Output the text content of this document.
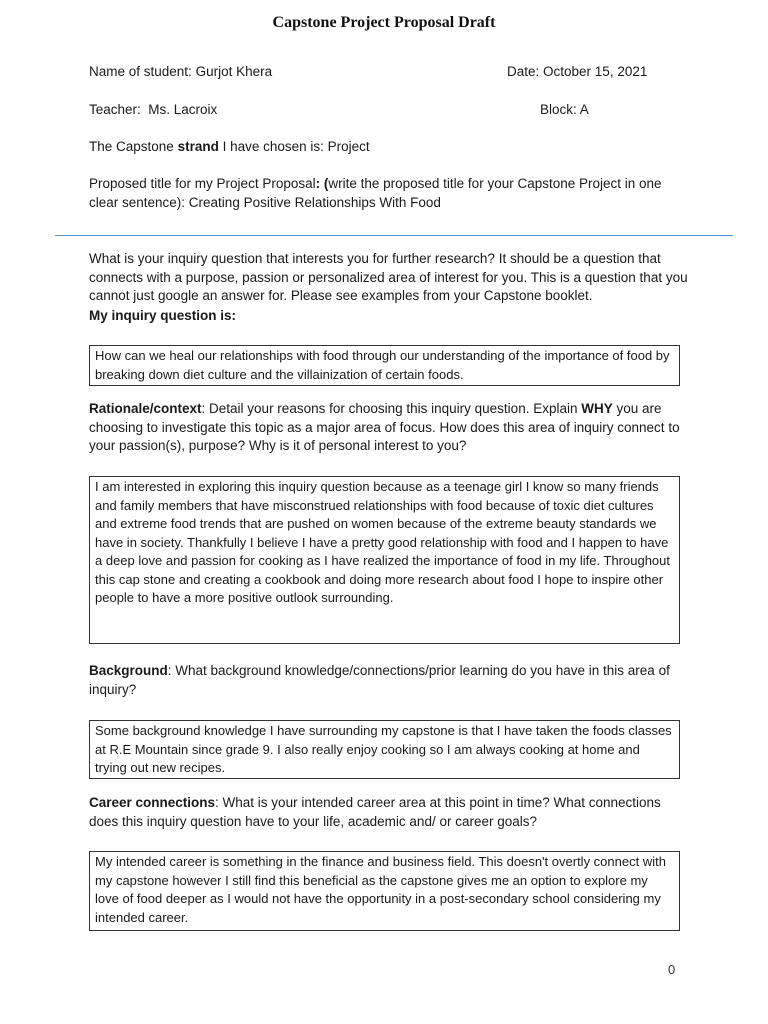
Capstone Project Proposal Draft
Name of student: Gurjot Khera	Date: October 15, 2021
Teacher:  Ms. Lacroix	Block: A
The Capstone strand I have chosen is: Project
Proposed title for my Project Proposal: (write the proposed title for your Capstone Project in one clear sentence): Creating Positive Relationships With Food
What is your inquiry question that interests you for further research? It should be a question that connects with a purpose, passion or personalized area of interest for you. This is a question that you cannot just google an answer for. Please see examples from your Capstone booklet.
My inquiry question is:
How can we heal our relationships with food through our understanding of the importance of food by breaking down diet culture and the villainization of certain foods.
Rationale/context: Detail your reasons for choosing this inquiry question. Explain WHY you are choosing to investigate this topic as a major area of focus. How does this area of inquiry connect to your passion(s), purpose? Why is it of personal interest to you?
I am interested in exploring this inquiry question because as a teenage girl I know so many friends and family members that have misconstrued relationships with food because of toxic diet cultures and extreme food trends that are pushed on women because of the extreme beauty standards we have in society. Thankfully I believe I have a pretty good relationship with food and I happen to have a deep love and passion for cooking as I have realized the importance of food in my life. Throughout this cap stone and creating a cookbook and doing more research about food I hope to inspire other people to have a more positive outlook surrounding.
Background: What background knowledge/connections/prior learning do you have in this area of inquiry?
Some background knowledge I have surrounding my capstone is that I have taken the foods classes at R.E Mountain since grade 9. I also really enjoy cooking so I am always cooking at home and trying out new recipes.
Career connections: What is your intended career area at this point in time? What connections does this inquiry question have to your life, academic and/ or career goals?
My intended career is something in the finance and business field. This doesn't overtly connect with my capstone however I still find this beneficial as the capstone gives me an option to explore my love of food deeper as I would not have the opportunity in a post-secondary school considering my intended career.
0
